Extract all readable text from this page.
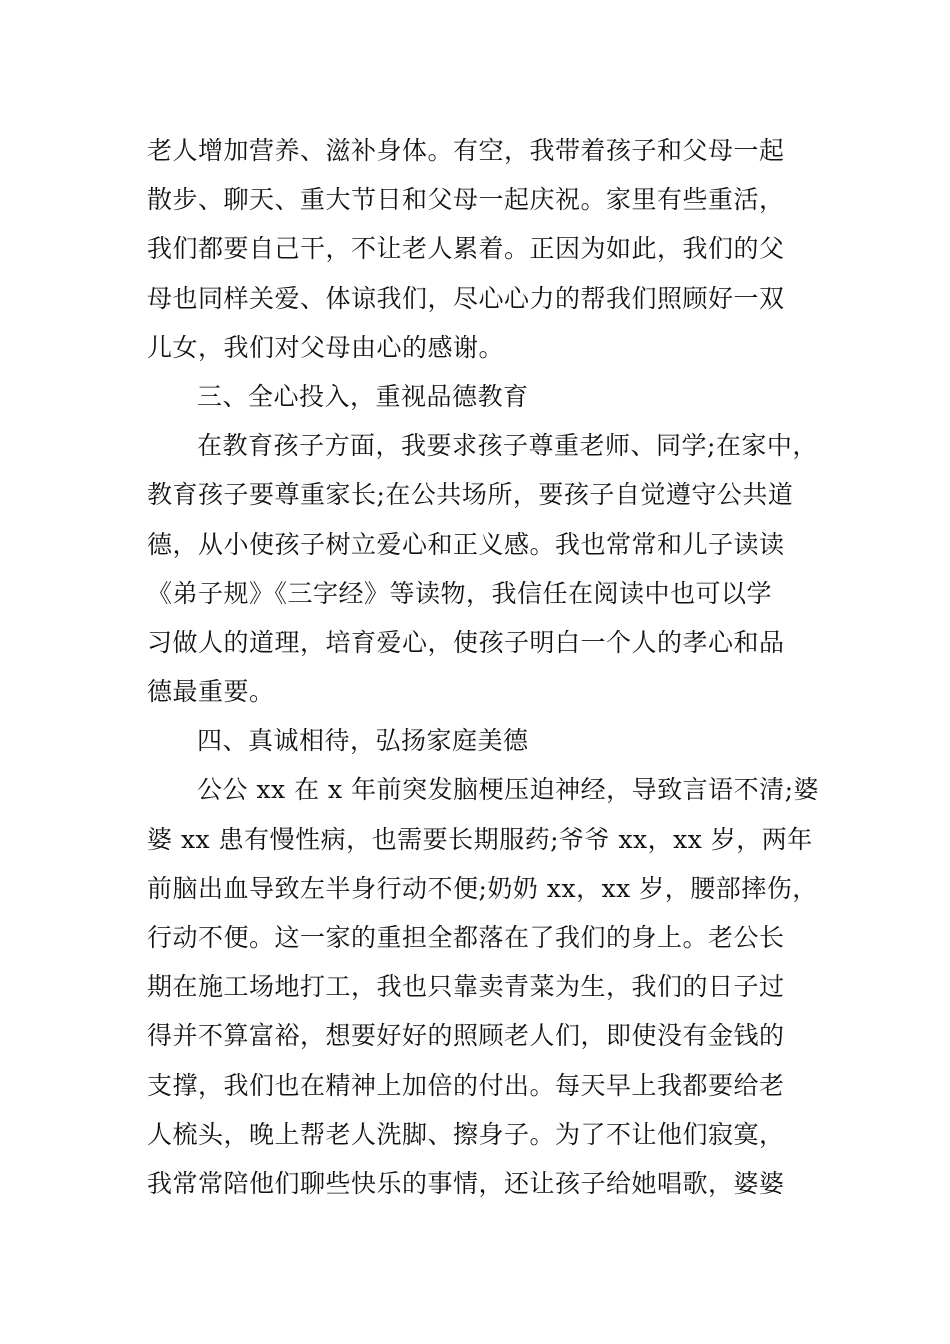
老人增加营养、滋补身体。有空，我带着孩子和父母一起
散步、聊天、重大节日和父母一起庆祝。家里有些重活，
我们都要自己干，不让老人累着。正因为如此，我们的父
母也同样关爱、体谅我们，尽心心力的帮我们照顾好一双
儿女，我们对父母由心的感谢。
三、全心投入，重视品德教育
在教育孩子方面，我要求孩子尊重老师、同学;在家中，
教育孩子要尊重家长;在公共场所，要孩子自觉遵守公共道
德，从小使孩子树立爱心和正义感。我也常常和儿子读读
《弟子规》《三字经》等读物，我信任在阅读中也可以学
习做人的道理，培育爱心，使孩子明白一个人的孝心和品
德最重要。
四、真诚相待，弘扬家庭美德
公公 xx 在 x 年前突发脑梗压迫神经，导致言语不清;婆
婆 xx 患有慢性病，也需要长期服药;爷爷 xx，xx 岁，两年
前脑出血导致左半身行动不便;奶奶 xx，xx 岁，腰部摔伤，
行动不便。这一家的重担全都落在了我们的身上。老公长
期在施工场地打工，我也只靠卖青菜为生，我们的日子过
得并不算富裕，想要好好的照顾老人们，即使没有金钱的
支撑，我们也在精神上加倍的付出。每天早上我都要给老
人梳头，晚上帮老人洗脚、擦身子。为了不让他们寂寞，
我常常陪他们聊些快乐的事情，还让孩子给她唱歌，婆婆
